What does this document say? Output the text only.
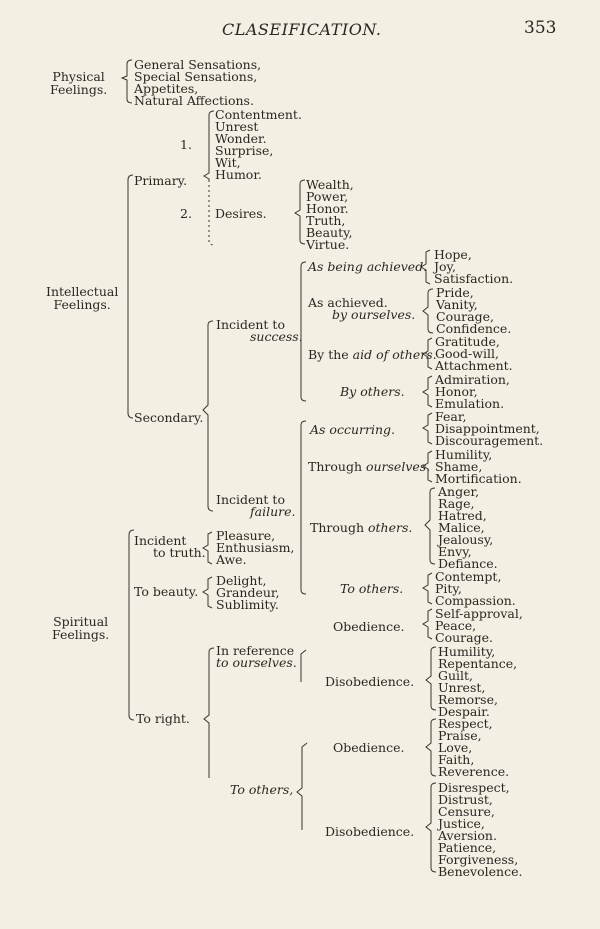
CLASEIFICATION.	353
Physical
Feelings.
General Sensations,
Special Sensations,
Appetites,
Natural Affections.
Intellectual
Feelings.
Primary.
1.
Contentment.
Unrest
Wonder.
Surprise,
Wit,
Humor.
2. Desires.
Wealth,
Power,
Honor.
Truth,
Beauty,
Virtue.
Secondary.
Incident to
success.
As being achieved.
Hope,
Joy,
Satisfaction.
As achieved.
by ourselves.
Pride,
Vanity,
Courage,
Confidence.
By the aid of others.
Gratitude,
Good-will,
Attachment.
By others.
Admiration,
Honor,
Emulation.
Incident to
failure.
As occurring.
Fear,
Disappointment,
Discouragement.
Through ourselves.
Humility,
Shame,
Mortification.
Through others.
Anger,
Rage,
Hatred,
Malice,
Jealousy,
Envy,
Defiance.
To others.
Contempt,
Pity,
Compassion.
Spiritual
Feelings.
Incident
to truth.
Pleasure,
Enthusiasm,
Awe.
To beauty.
Delight,
Grandeur,
Sublimity.
To right.
In reference
to ourselves.
Obedience.
Self-approval,
Peace,
Courage.
Disobedience.
Humility,
Repentance,
Guilt,
Unrest,
Remorse,
Despair.
To others,
Obedience.
Respect,
Praise,
Love,
Faith,
Reverence.
Disobedience.
Disrespect,
Distrust,
Censure,
Justice,
Aversion.
Patience,
Forgiveness,
Benevolence.
